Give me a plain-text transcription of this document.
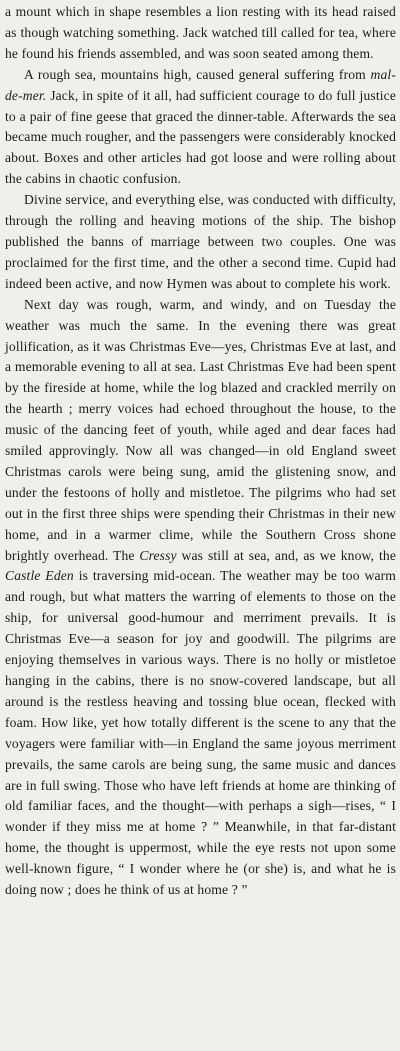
a mount which in shape resembles a lion resting with its head raised as though watching something. Jack watched till called for tea, where he found his friends assembled, and was soon seated among them.

A rough sea, mountains high, caused general suffering from mal-de-mer. Jack, in spite of it all, had sufficient courage to do full justice to a pair of fine geese that graced the dinner-table. Afterwards the sea became much rougher, and the passengers were considerably knocked about. Boxes and other articles had got loose and were rolling about the cabins in chaotic confusion.

Divine service, and everything else, was conducted with difficulty, through the rolling and heaving motions of the ship. The bishop published the banns of marriage between two couples. One was proclaimed for the first time, and the other a second time. Cupid had indeed been active, and now Hymen was about to complete his work.

Next day was rough, warm, and windy, and on Tuesday the weather was much the same. In the evening there was great jollification, as it was Christmas Eve—yes, Christmas Eve at last, and a memorable evening to all at sea. Last Christmas Eve had been spent by the fireside at home, while the log blazed and crackled merrily on the hearth ; merry voices had echoed throughout the house, to the music of the dancing feet of youth, while aged and dear faces had smiled approvingly. Now all was changed—in old England sweet Christmas carols were being sung, amid the glistening snow, and under the festoons of holly and mistletoe. The pilgrims who had set out in the first three ships were spending their Christmas in their new home, and in a warmer clime, while the Southern Cross shone brightly overhead. The Cressy was still at sea, and, as we know, the Castle Eden is traversing mid-ocean. The weather may be too warm and rough, but what matters the warring of elements to those on the ship, for universal good-humour and merriment prevails. It is Christmas Eve—a season for joy and goodwill. The pilgrims are enjoying themselves in various ways. There is no holly or mistletoe hanging in the cabins, there is no snow-covered landscape, but all around is the restless heaving and tossing blue ocean, flecked with foam. How like, yet how totally different is the scene to any that the voyagers were familiar with—in England the same joyous merriment prevails, the same carols are being sung, the same music and dances are in full swing. Those who have left friends at home are thinking of old familiar faces, and the thought—with perhaps a sigh—rises, “ I wonder if they miss me at home ? ” Meanwhile, in that far-distant home, the thought is uppermost, while the eye rests not upon some well-known figure, “ I wonder where he (or she) is, and what he is doing now ; does he think of us at home ? ”
